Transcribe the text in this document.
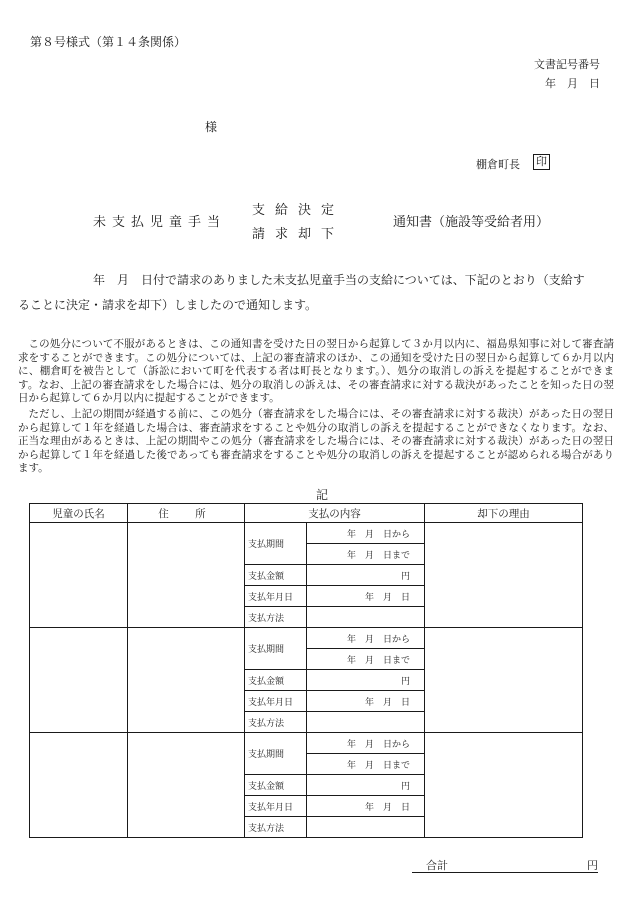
第８号様式（第１４条関係）
文書記号番号
年　月　日
様
棚倉町長 印
未支払児童手当
支給決定
請求却下
通知書（施設等受給者用）
年　月　日付で請求のありました未支払児童手当の支給については、下記のとおり（支給す
ることに決定・請求を却下）しましたので通知します。
この処分について不服があるときは、この通知書を受けた日の翌日から起算して３か月以内に、福島県知事に対して審査請求をすることができます。この処分については、上記の審査請求のほか、この通知を受けた日の翌日から起算して６か月以内に、棚倉町を被告として（訴訟において町を代表する者は町長となります。）、処分の取消しの訴えを提起することができます。なお、上記の審査請求をした場合には、処分の取消しの訴えは、その審査請求に対する裁決があったことを知った日の翌日から起算して６か月以内に提起することができます。
ただし、上記の期間が経過する前に、この処分（審査請求をした場合には、その審査請求に対する裁決）があった日の翌日から起算して１年を経過した場合は、審査請求をすることや処分の取消しの訴えを提起することができなくなります。なお、正当な理由があるときは、上記の期間やこの処分（審査請求をした場合には、その審査請求に対する裁決）があった日の翌日から起算して１年を経過した後であっても審査請求をすることや処分の取消しの訴えを提起することが認められる場合があります。
記
児童の氏名	住　所	支払の内容		却下の理由
		支払期間	年　月　日から	
			年　月　日まで	
		支払金額	円	
		支払年月日	年　月　日	
		支払方法		
		支払期間	年　月　日から	
			年　月　日まで	
		支払金額	円	
		支払年月日	年　月　日	
		支払方法		
		支払期間	年　月　日から	
			年　月　日まで	
		支払金額	円	
		支払年月日	年　月　日	
		支払方法		
合計	円
